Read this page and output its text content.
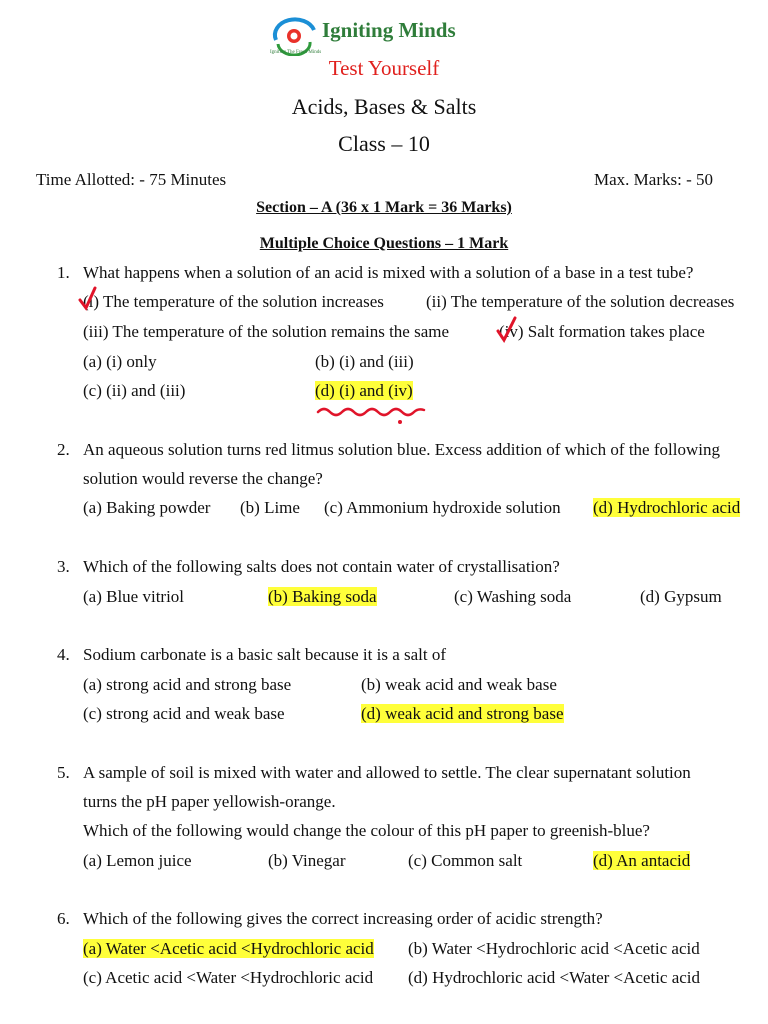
Igniting Minds
Igniting The Fresh Minds
Test Yourself
Acids, Bases & Salts
Class – 10
Time Allotted: - 75 Minutes	Max. Marks: - 50
Section – A (36 x 1 Mark = 36 Marks)
Multiple Choice Questions – 1 Mark
1. What happens when a solution of an acid is mixed with a solution of a base in a test tube?
(i) The temperature of the solution increases (ii) The temperature of the solution decreases
(iii) The temperature of the solution remains the same	(iv) Salt formation takes place
(a) (i) only	(b) (i) and (iii)
(c) (ii) and (iii)	(d) (i) and (iv)
2. An aqueous solution turns red litmus solution blue. Excess addition of which of the following
solution would reverse the change?
(a) Baking powder (b) Lime (c) Ammonium hydroxide solution (d) Hydrochloric acid
3. Which of the following salts does not contain water of crystallisation?
(a) Blue vitriol	(b) Baking soda	(c) Washing soda	(d) Gypsum
4. Sodium carbonate is a basic salt because it is a salt of
(a) strong acid and strong base	(b) weak acid and weak base
(c) strong acid and weak base	(d) weak acid and strong base
5. A sample of soil is mixed with water and allowed to settle. The clear supernatant solution
turns the pH paper yellowish-orange.
Which of the following would change the colour of this pH paper to greenish-blue?
(a) Lemon juice	(b) Vinegar	(c) Common salt	(d) An antacid
6. Which of the following gives the correct increasing order of acidic strength?
(a) Water <Acetic acid <Hydrochloric acid (b) Water <Hydrochloric acid <Acetic acid
(c) Acetic acid <Water <Hydrochloric acid (d) Hydrochloric acid <Water <Acetic acid
